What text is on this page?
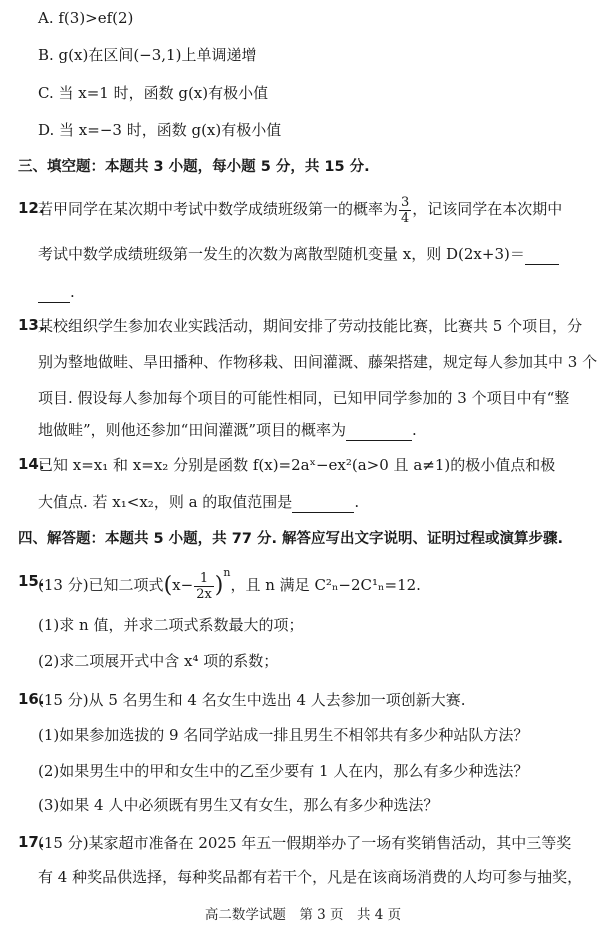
A. f(3)>ef(2)
B. g(x)在区间(−3,1)上单调递增
C. 当 x=1 时，函数 g(x)有极小值
D. 当 x=−3 时，函数 g(x)有极小值
三、填空题：本题共 3 小题，每小题 5 分，共 15 分.
12.
若甲同学在某次期中考试中数学成绩班级第一的概率为 $\frac{3}{4}$ ，记该同学在本次期中
考试中数学成绩班级第一发生的次数为离散型随机变量 x，则 D(2x+3)＝
.
13.
某校组织学生参加农业实践活动，期间安排了劳动技能比赛，比赛共 5 个项目，分
别为整地做畦、旱田播种、作物移栽、田间灌溉、藤架搭建，规定每人参加其中 3 个
项目. 假设每人参加每个项目的可能性相同，已知甲同学参加的 3 个项目中有“整
地做畦”，则他还参加“田间灌溉”项目的概率为	.
14.
已知 x=x₁ 和 x=x₂ 分别是函数 f(x)=2aˣ−ex²(a>0 且 a≠1)的极小值点和极
大值点. 若 x₁<x₂，则 a 的取值范围是	.
四、解答题：本题共 5 小题，共 77 分. 解答应写出文字说明、证明过程或演算步骤.
15.
(13 分)已知二项式$(x- \frac{1}{2x} )^n$，且 n 满足 C²ₙ−2C¹ₙ=12.
(1)求 n 值，并求二项式系数最大的项；
(2)求二项展开式中含 x⁴ 项的系数；
16.
(15 分)从 5 名男生和 4 名女生中选出 4 人去参加一项创新大赛.
(1)如果参加选拔的 9 名同学站成一排且男生不相邻共有多少种站队方法？
(2)如果男生中的甲和女生中的乙至少要有 1 人在内，那么有多少种选法？
(3)如果 4 人中必须既有男生又有女生，那么有多少种选法？
17.
(15 分)某家超市准备在 2025 年五一假期举办了一场有奖销售活动，其中三等奖
有 4 种奖品供选择，每种奖品都有若干个，凡是在该商场消费的人均可参与抽奖，
高二数学试题　第 3 页　共 4 页
